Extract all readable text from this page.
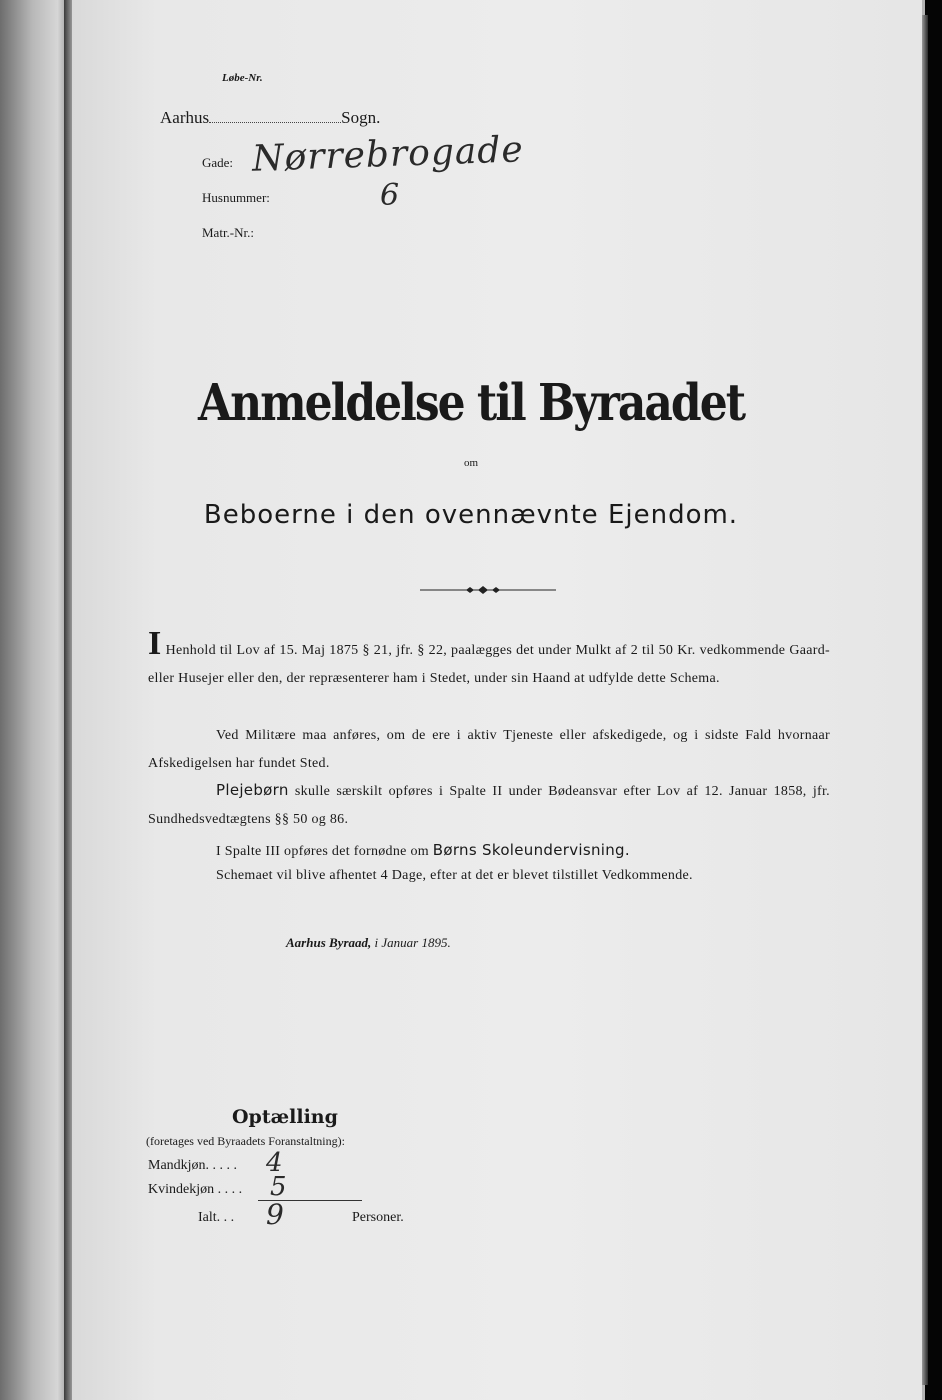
Løbe-Nr.
Aarhus	Sogn.
Gade: Nørrebrogade
Husnummer:	6
Matr.-Nr.:
Anmeldelse til Byraadet
om
Beboerne i den ovennævnte Ejendom.
I Henhold til Lov af 15. Maj 1875 § 21, jfr. § 22, paalægges det under Mulkt af 2 til 50 Kr. vedkommende Gaard- eller Husejer eller den, der repræsenterer ham i Stedet, under sin Haand at udfylde dette Schema.
Ved Militære maa anføres, om de ere i aktiv Tjeneste eller afskedigede, og i sidste Fald hvornaar Afskedigelsen har fundet Sted.
Plejebørn skulle særskilt opføres i Spalte II under Bødeansvar efter Lov af 12. Januar 1858, jfr. Sundhedsvedtægtens §§ 50 og 86.
I Spalte III opføres det fornødne om Børns Skoleundervisning.
Schemaet vil blive afhentet 4 Dage, efter at det er blevet tilstillet Vedkommende.
Aarhus Byraad, i Januar 1895.
Optælling
(foretages ved Byraadets Foranstaltning):
Mandkjøn. . . . . 4
Kvindekjøn . . . . 5
Ialt. . . 9	Personer.
